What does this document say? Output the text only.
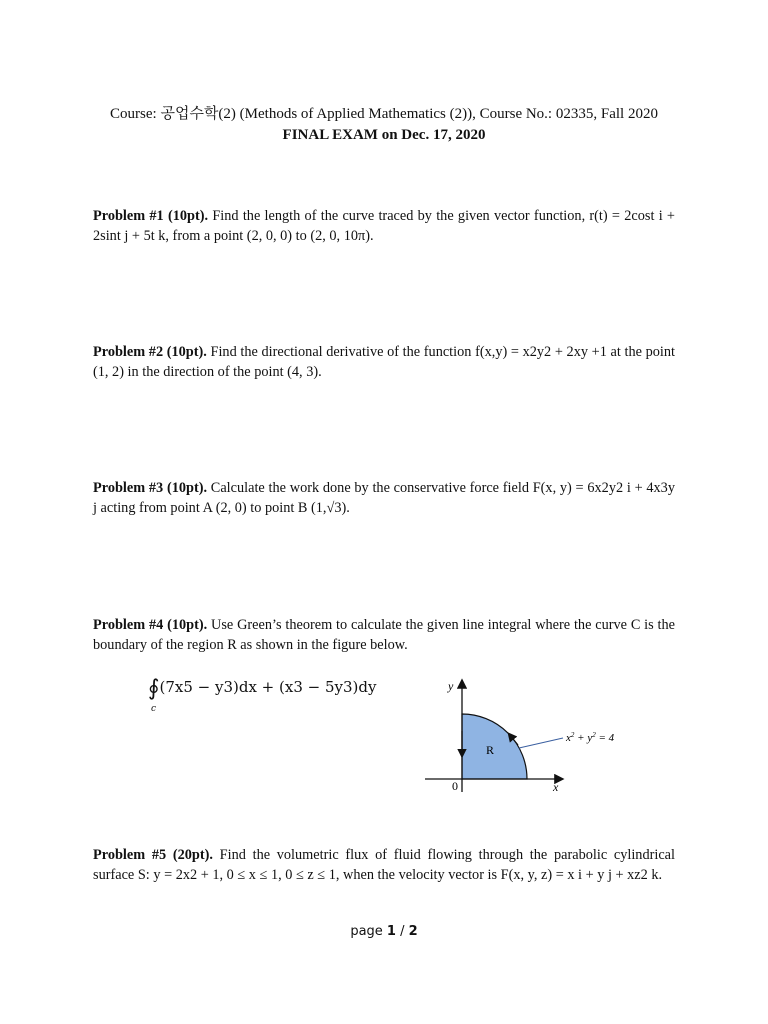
Course: 공업수학(2) (Methods of Applied Mathematics (2)), Course No.: 02335, Fall 2020
FINAL EXAM on Dec. 17, 2020
Problem #1 (10pt). Find the length of the curve traced by the given vector function, r(t) = 2cost i + 2sint j + 5t k, from a point (2, 0, 0) to (2, 0, 10π).
Problem #2 (10pt). Find the directional derivative of the function f(x,y) = x2y2 + 2xy +1 at the point (1, 2) in the direction of the point (4, 3).
Problem #3 (10pt). Calculate the work done by the conservative force field F(x, y) = 6x2y2 i + 4x3y j acting from point A (2, 0) to point B (1,√3).
Problem #4 (10pt). Use Green’s theorem to calculate the given line integral where the curve C is the boundary of the region R as shown in the figure below.
∮(7x5 − y3)dx + (x3 − 5y3)dy
c
y
x
0
R
$x^2 + y^2 = 4$
Problem #5 (20pt). Find the volumetric flux of fluid flowing through the parabolic cylindrical surface S: y = 2x2 + 1, 0 ≤ x ≤ 1, 0 ≤ z ≤ 1, when the velocity vector is F(x, y, z) = x i + y j + xz2 k.
page 1 / 2
